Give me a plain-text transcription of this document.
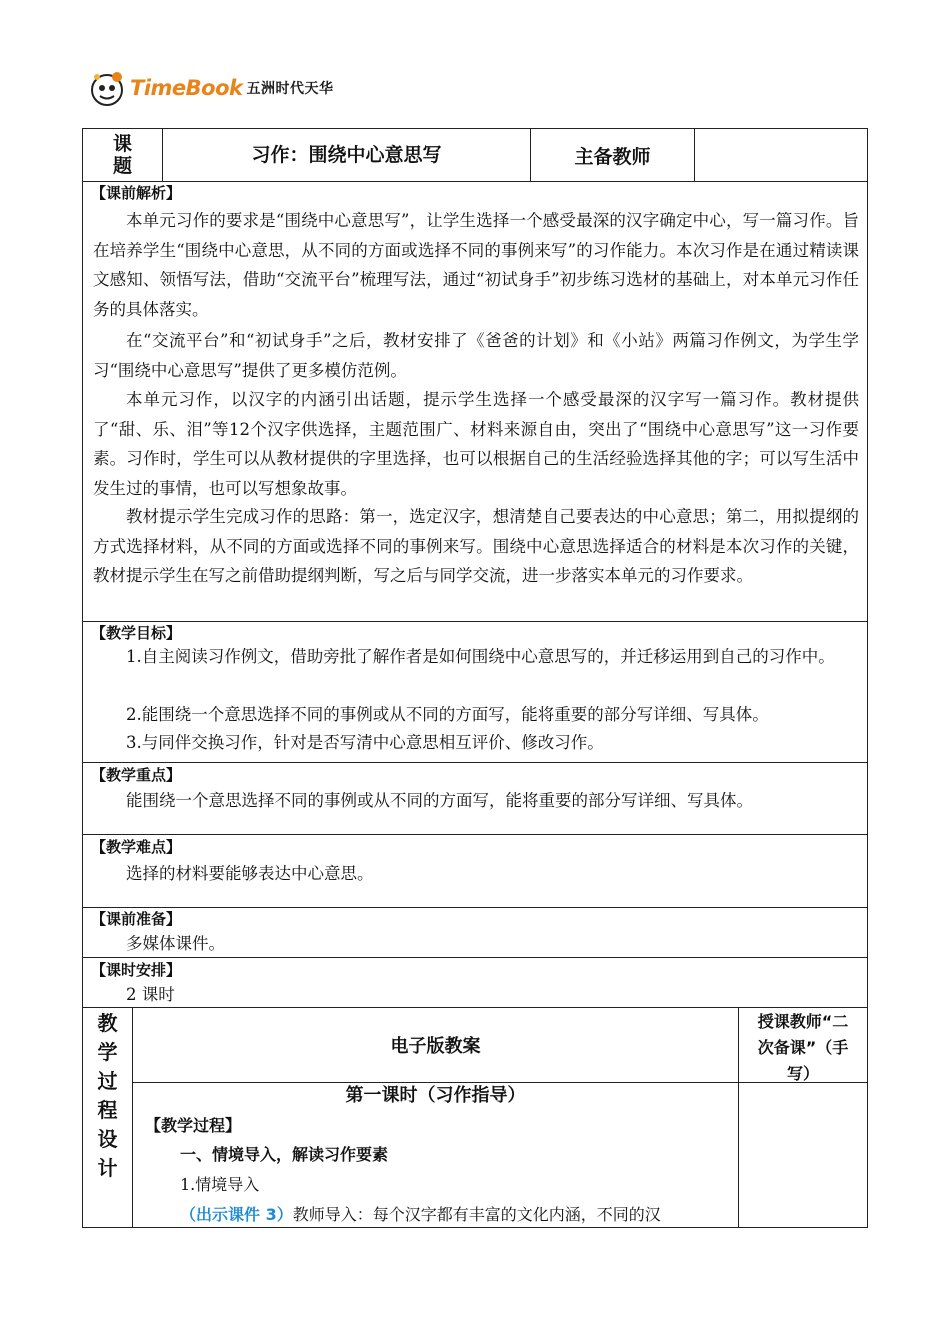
TimeBook 五洲时代天华
课题
习作：围绕中心意思写	主备教师
【课前解析】

本单元习作的要求是“围绕中心意思写”，让学生选择一个感受最深的汉字确定中心，写一篇习作。旨在培养学生“围绕中心意思，从不同的方面或选择不同的事例来写”的习作能力。本次习作是在通过精读课文感知、领悟写法，借助“交流平台”梳理写法，通过“初试身手”初步练习选材的基础上，对本单元习作任务的具体落实。

在“交流平台”和“初试身手”之后，教材安排了《爸爸的计划》和《小站》两篇习作例文，为学生学习“围绕中心意思写”提供了更多模仿范例。

本单元习作，以汉字的内涵引出话题，提示学生选择一个感受最深的汉字写一篇习作。教材提供了“甜、乐、泪”等12个汉字供选择，主题范围广、材料来源自由，突出了“围绕中心意思写”这一习作要素。习作时，学生可以从教材提供的字里选择，也可以根据自己的生活经验选择其他的字；可以写生活中发生过的事情，也可以写想象故事。

教材提示学生完成习作的思路：第一，选定汉字，想清楚自己要表达的中心意思；第二，用拟提纲的方式选择材料，从不同的方面或选择不同的事例来写。围绕中心意思选择适合的材料是本次习作的关键，教材提示学生在写之前借助提纲判断，写之后与同学交流，进一步落实本单元的习作要求。

【教学目标】

1.自主阅读习作例文，借助旁批了解作者是如何围绕中心意思写的，并迁移运用到自己的习作中。

2.能围绕一个意思选择不同的事例或从不同的方面写，能将重要的部分写详细、写具体。

3.与同伴交换习作，针对是否写清中心意思相互评价、修改习作。

【教学重点】

能围绕一个意思选择不同的事例或从不同的方面写，能将重要的部分写详细、写具体。

【教学难点】

选择的材料要能够表达中心意思。

【课前准备】

多媒体课件。

【课时安排】

2 课时

教
学
过
程
设
计
电子版教案
授课教师“二次备课”（手写）
第一课时（习作指导）
【教学过程】
一、情境导入，解读习作要素
1.情境导入
（出示课件 3）教师导入：每个汉字都有丰富的文化内涵，不同的汉
